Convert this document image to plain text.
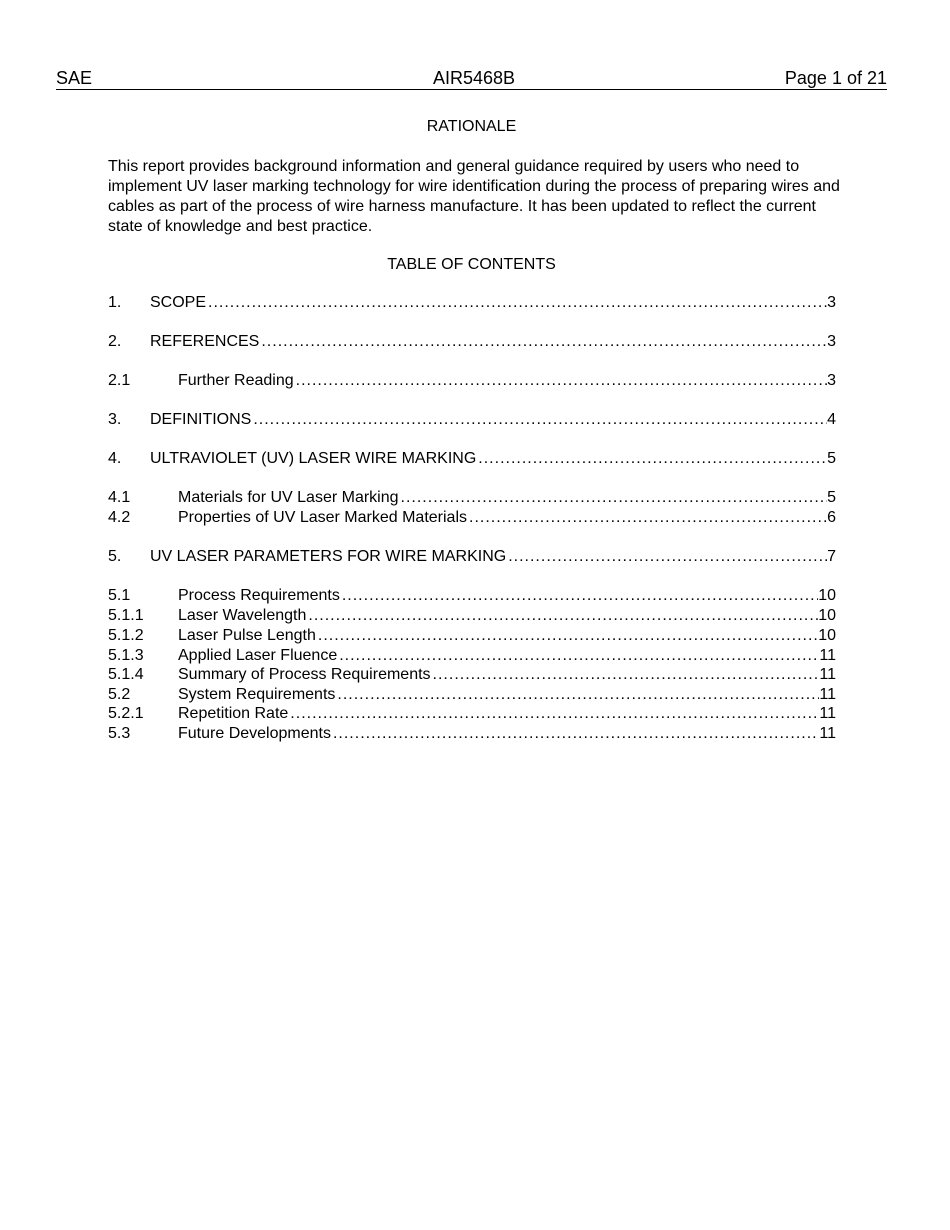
SAE	AIR5468B	Page 1 of 21
RATIONALE
This report provides background information and general guidance required by users who need to implement UV laser marking technology for wire identification during the process of preparing wires and cables as part of the process of wire harness manufacture. It has been updated to reflect the current state of knowledge and best practice.
TABLE OF CONTENTS
1. SCOPE .....	3
2. REFERENCES .....	3
2.1	Further Reading .....	3
3. DEFINITIONS .....	4
4. ULTRAVIOLET (UV) LASER WIRE MARKING .....	5
4.1	Materials for UV Laser Marking .....	5
4.2	Properties of UV Laser Marked Materials .....	6
5. UV LASER PARAMETERS FOR WIRE MARKING .....	7
5.1	Process Requirements .....	10
5.1.1 Laser Wavelength .....	10
5.1.2 Laser Pulse Length .....	10
5.1.3 Applied Laser Fluence .....	11
5.1.4 Summary of Process Requirements .....	11
5.2	System Requirements .....	11
5.2.1 Repetition Rate .....	11
5.3	Future Developments .....	11
